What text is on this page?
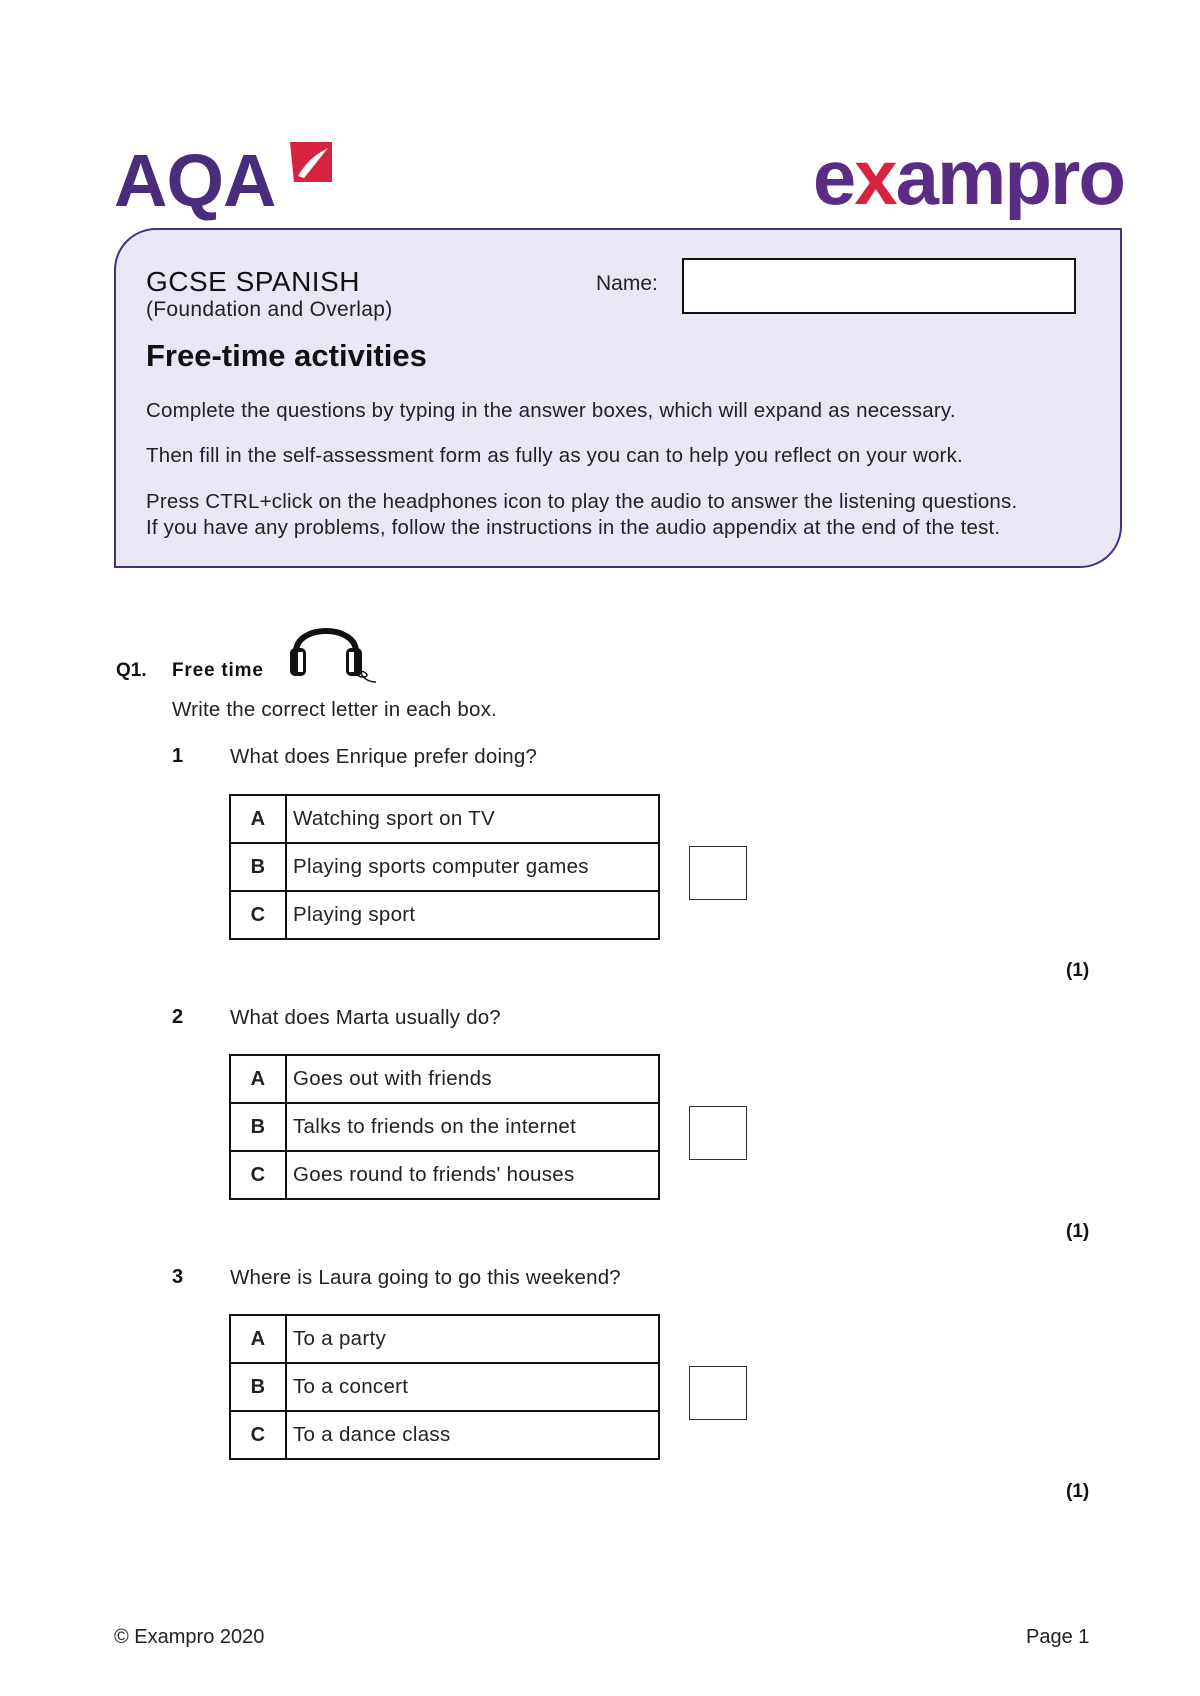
AQA	exampro
GCSE SPANISH
(Foundation and Overlap)
Name:
Free-time activities
Complete the questions by typing in the answer boxes, which will expand as necessary.
Then fill in the self-assessment form as fully as you can to help you reflect on your work.
Press CTRL+click on the headphones icon to play the audio to answer the listening questions.
If you have any problems, follow the instructions in the audio appendix at the end of the test.
Q1. Free time
Write the correct letter in each box.
1 What does Enrique prefer doing?
A	Watching sport on TV
B	Playing sports computer games
C	Playing sport
(1)
2 What does Marta usually do?
A	Goes out with friends
B	Talks to friends on the internet
C	Goes round to friends' houses
(1)
3 Where is Laura going to go this weekend?
A	To a party
B	To a concert
C	To a dance class
(1)
© Exampro 2020	Page 1
